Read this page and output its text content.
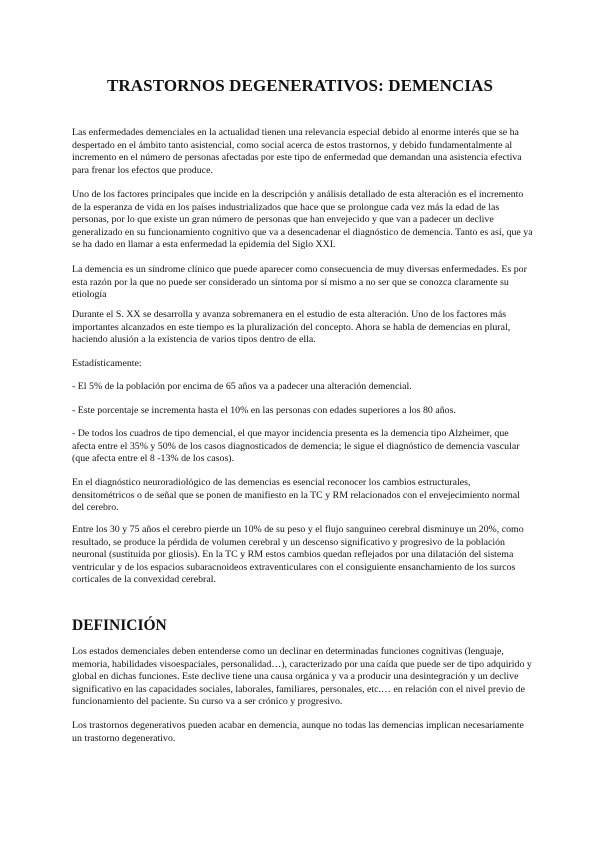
TRASTORNOS DEGENERATIVOS: DEMENCIAS

Las enfermedades demenciales en la actualidad tienen una relevancia especial debido al enorme interés que se ha despertado en el ámbito tanto asistencial, como social acerca de estos trastornos, y debido fundamentalmente al incremento en el número de personas afectadas por este tipo de enfermedad que demandan una asistencia efectiva para frenar los efectos que produce.

Uno de los factores principales que incide en la descripción y análisis detallado de esta alteración es el incremento de la esperanza de vida en los países industrializados que hace que se prolongue cada vez más la edad de las personas, por lo que existe un gran número de personas que han envejecido y que van a padecer un declive generalizado en su funcionamiento cognitivo que va a desencadenar el diagnóstico de demencia. Tanto es así, que ya se ha dado en llamar a esta enfermedad la epidemia del Siglo XXI.

La demencia es un síndrome clínico que puede aparecer como consecuencia de muy diversas enfermedades. Es por esta razón por la que no puede ser considerado un síntoma por sí mismo a no ser que se conozca claramente su etiología

Durante el S. XX se desarrolla y avanza sobremanera en el estudio de esta alteración. Uno de los factores más importantes alcanzados en este tiempo es la pluralización del concepto. Ahora se habla de demencias en plural, haciendo alusión a la existencia de varios tipos dentro de ella.

Estadísticamente:

- El 5% de la población por encima de 65 años va a padecer una alteración demencial.

- Este porcentaje se incrementa hasta el 10% en las personas con edades superiores a los 80 años.

- De todos los cuadros de tipo demencial, el que mayor incidencia presenta es la demencia tipo Alzheimer, que afecta entre el 35% y 50% de los casos diagnosticados de demencia; le sigue el diagnóstico de demencia vascular (que afecta entre el 8 -13% de los casos).

En el diagnóstico neuroradiológico de las demencias es esencial reconocer los cambios estructurales, densitométricos o de señal que se ponen de manifiesto en la TC y RM relacionados con el envejecimiento normal del cerebro.

Entre los 30 y 75 años el cerebro pierde un 10% de su peso y el flujo sanguíneo cerebral disminuye un 20%, como resultado, se produce la pérdida de volumen cerebral y un descenso significativo y progresivo de la población neuronal (sustituida por gliosis). En la TC y RM estos cambios quedan reflejados por una dilatación del sistema ventricular y de los espacios subaracnoideos extraventiculares con el consiguiente ensanchamiento de los surcos corticales de la convexidad cerebral.

DEFINICIÓN

Los estados demenciales deben entenderse como un declinar en determinadas funciones cognitivas (lenguaje, memoria, habilidades visoespaciales, personalidad…), caracterizado por una caída que puede ser de tipo adquirido y global en dichas funciones. Este declive tiene una causa orgánica y va a producir una desintegración y un declive significativo en las capacidades sociales, laborales, familiares, personales, etc.… en relación con el nivel previo de funcionamiento del paciente. Su curso va a ser crónico y progresivo.

Los trastornos degenerativos pueden acabar en demencia, aunque no todas las demencias implican necesariamente un trastorno degenerativo.
